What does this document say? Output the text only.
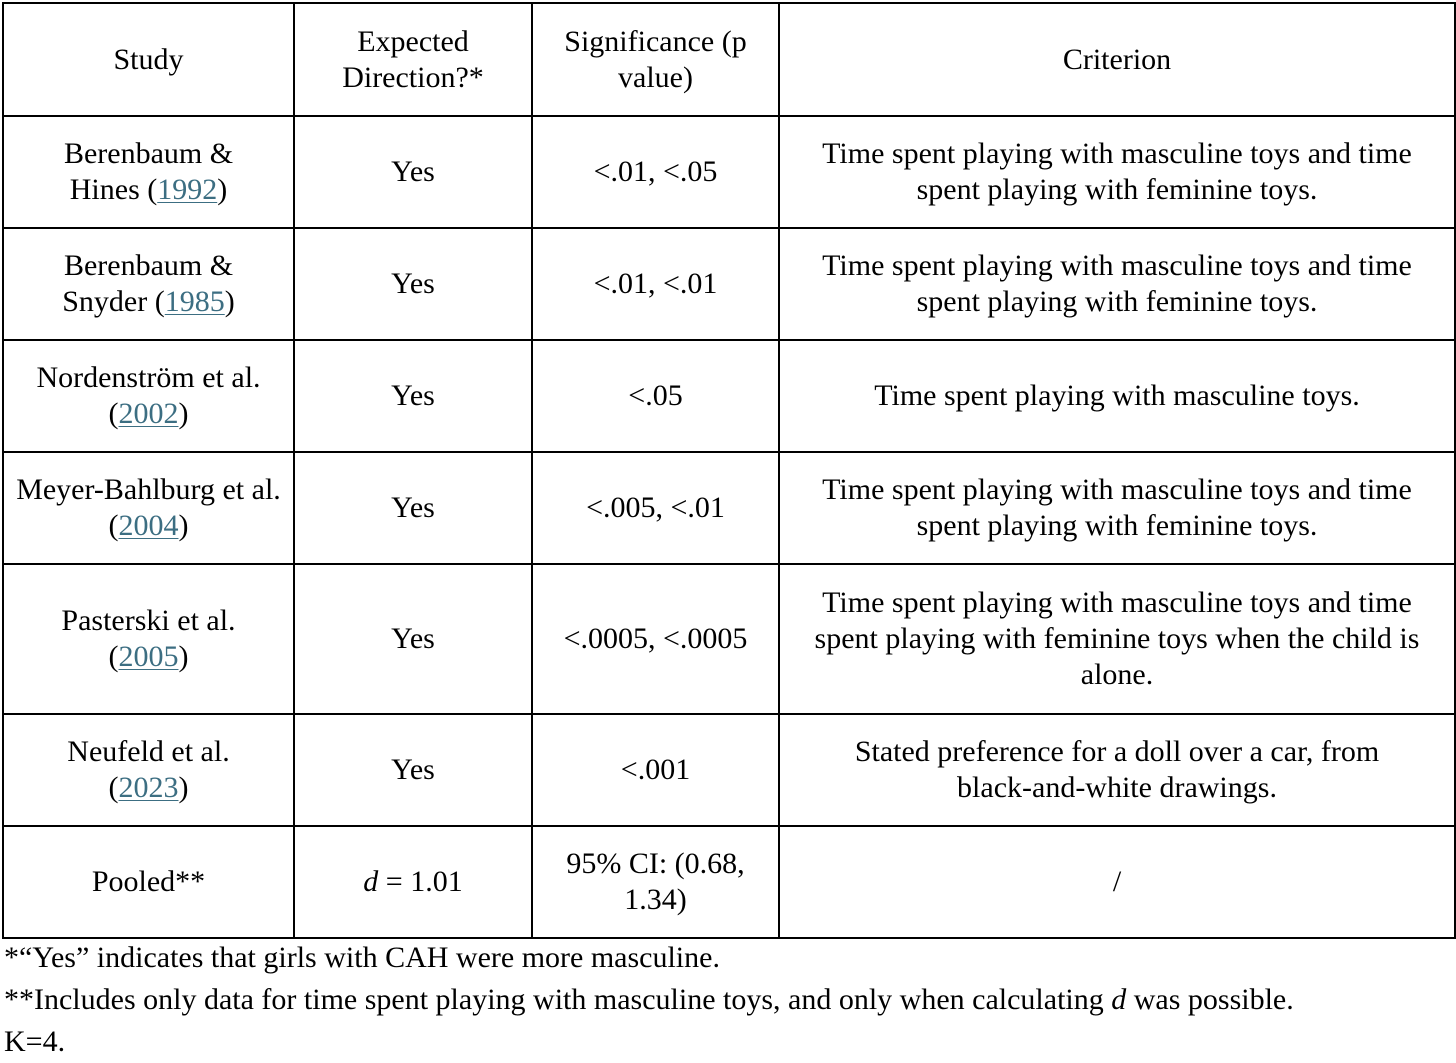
Study	Expected Direction?*	Significance (p value)	Criterion
Berenbaum & Hines (1992)	Yes	<.01, <.05	Time spent playing with masculine toys and time spent playing with feminine toys.
Berenbaum & Snyder (1985)	Yes	<.01, <.01	Time spent playing with masculine toys and time spent playing with feminine toys.
Nordenström et al. (2002)	Yes	<.05	Time spent playing with masculine toys.
Meyer-Bahlburg et al. (2004)	Yes	<.005, <.01	Time spent playing with masculine toys and time spent playing with feminine toys.
Pasterski et al. (2005)	Yes	<.0005, <.0005	Time spent playing with masculine toys and time spent playing with feminine toys when the child is alone.
Neufeld et al. (2023)	Yes	<.001	Stated preference for a doll over a car, from black-and-white drawings.
Pooled**	d = 1.01	95% CI: (0.68, 1.34)	/

*“Yes” indicates that girls with CAH were more masculine.

**Includes only data for time spent playing with masculine toys, and only when calculating d was possible.

K=4.
